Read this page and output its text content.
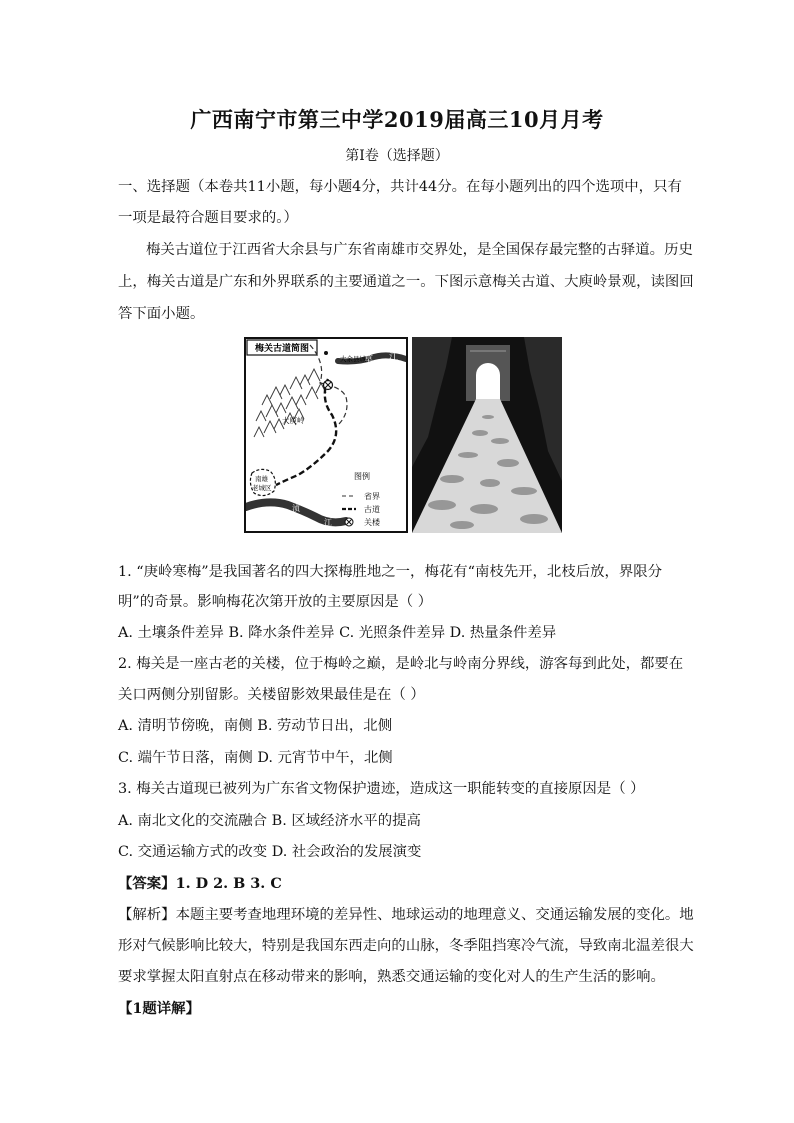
广西南宁市第三中学2019届高三10月月考
第Ⅰ卷（选择题）
一、选择题（本卷共11小题，每小题4分，共计44分。在每小题列出的四个选项中，只有
一项是最符合题目要求的。）
梅关古道位于江西省大余县与广东省南雄市交界处，是全国保存最完整的古驿道。历史
上，梅关古道是广东和外界联系的主要通道之一。下图示意梅关古道、大庾岭景观，读图回
答下面小题。
梅关古道简图
章 江
大余县城
大庾岭
南雄
老城区
浈
江
图例
省界
古道
关楼
1. “庚岭寒梅”是我国著名的四大探梅胜地之一，梅花有“南枝先开，北枝后放，界限分
明”的奇景。影响梅花次第开放的主要原因是（ ）
A. 土壤条件差异 B. 降水条件差异 C. 光照条件差异 D. 热量条件差异
2. 梅关是一座古老的关楼，位于梅岭之巅，是岭北与岭南分界线，游客每到此处，都要在
关口两侧分别留影。关楼留影效果最佳是在（ ）
A. 清明节傍晚，南侧 B. 劳动节日出，北侧
C. 端午节日落，南侧 D. 元宵节中午，北侧
3. 梅关古道现已被列为广东省文物保护遗迹，造成这一职能转变的直接原因是（ ）
A. 南北文化的交流融合 B. 区域经济水平的提高
C. 交通运输方式的改变 D. 社会政治的发展演变
【答案】1. D 2. B 3. C
【解析】本题主要考查地理环境的差异性、地球运动的地理意义、交通运输发展的变化。地
形对气候影响比较大，特别是我国东西走向的山脉，冬季阻挡寒冷气流，导致南北温差很大
要求掌握太阳直射点在移动带来的影响，熟悉交通运输的变化对人的生产生活的影响。
【1题详解】
